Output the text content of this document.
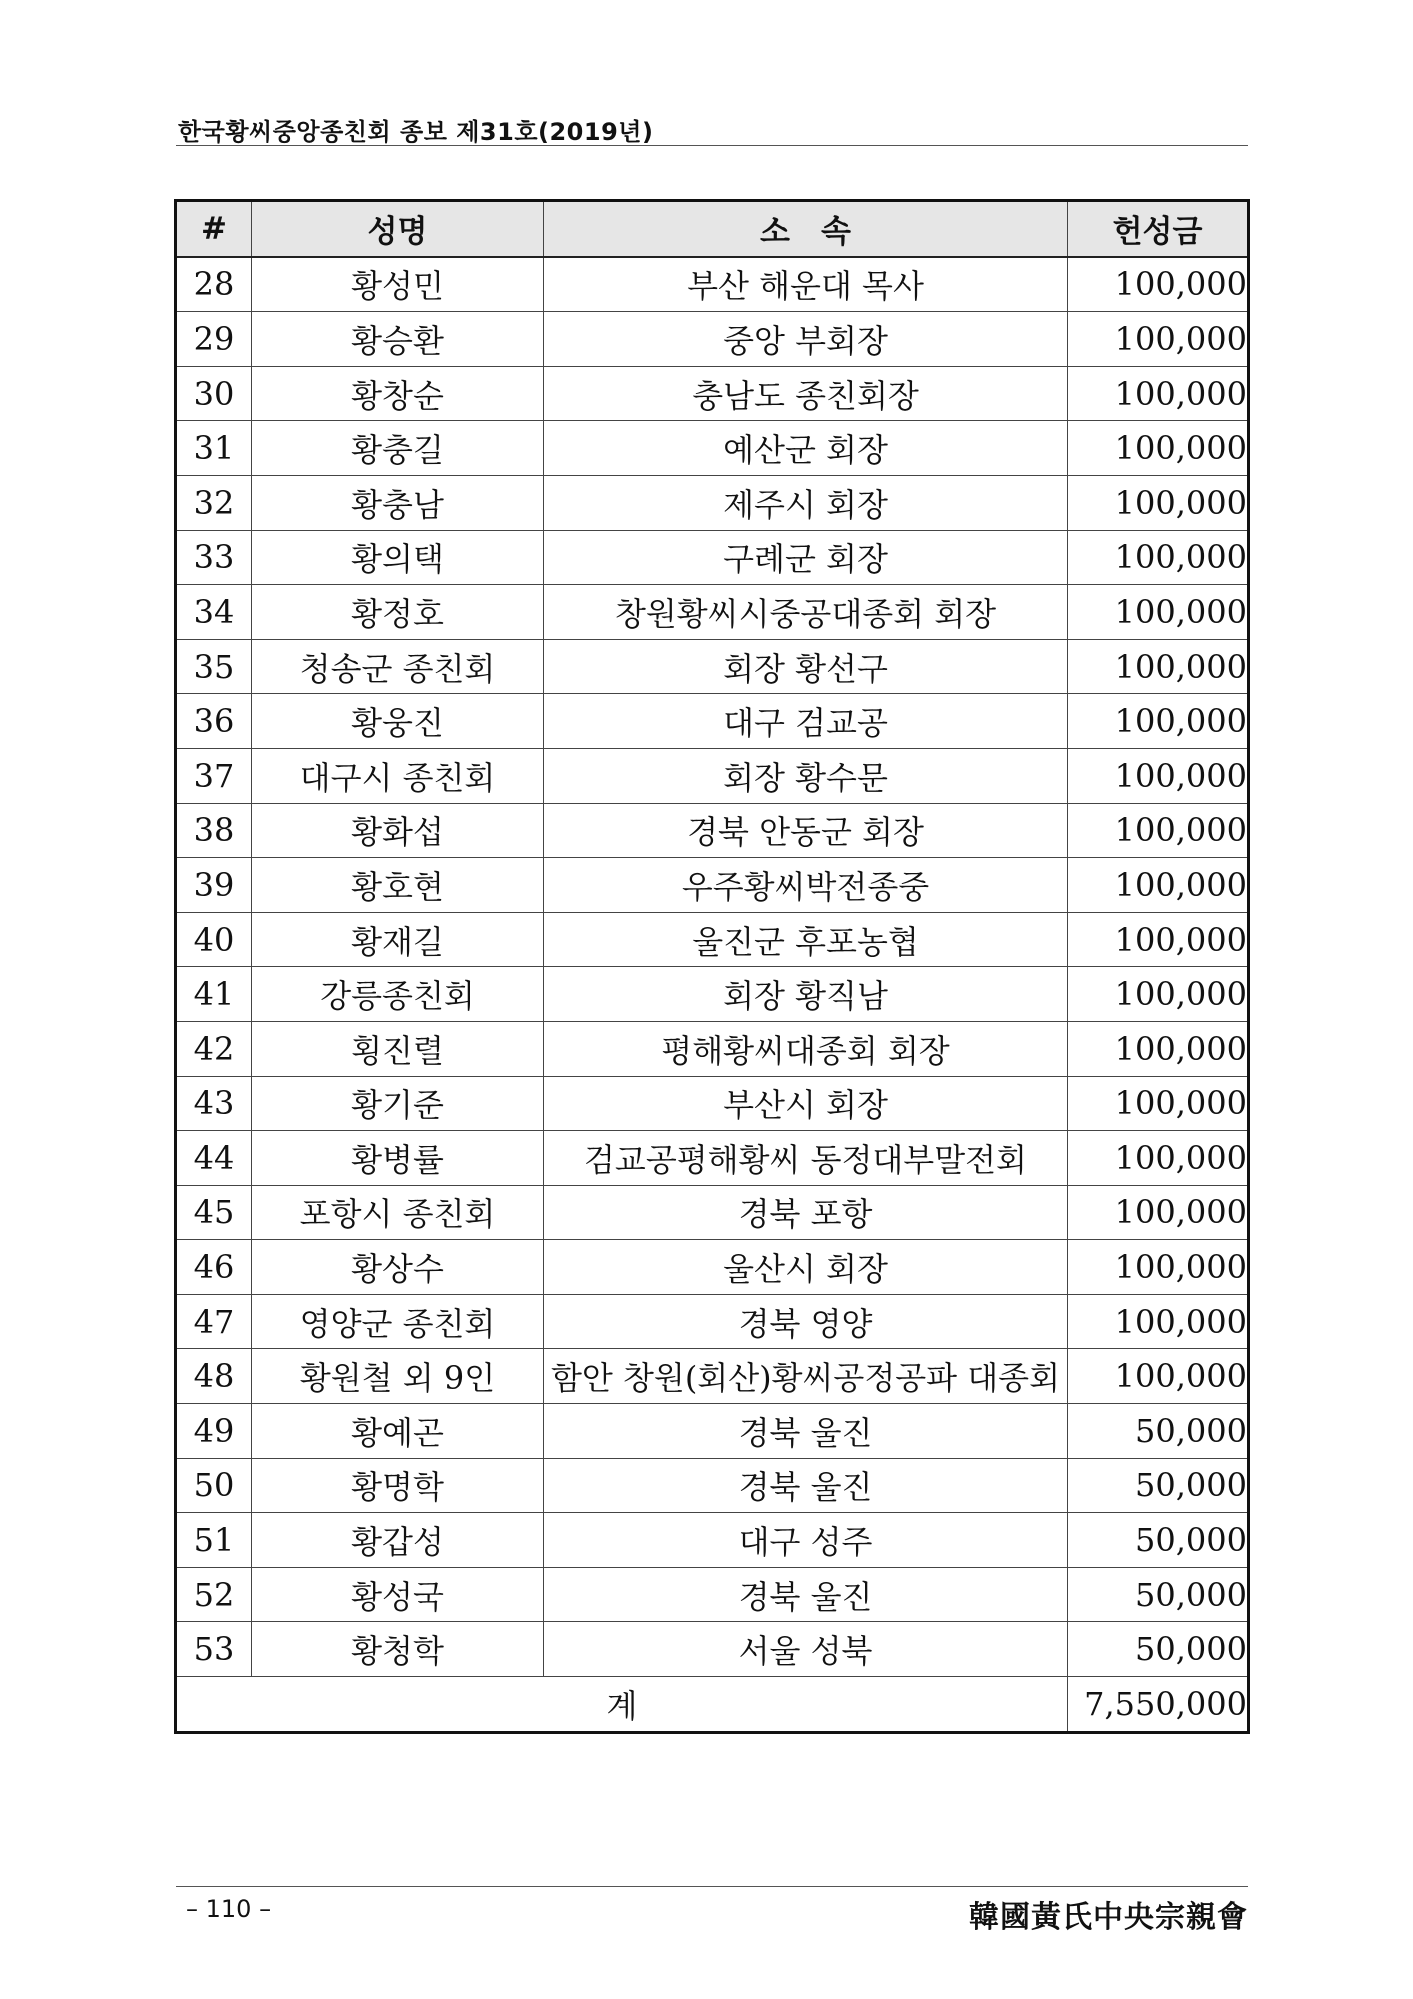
한국황씨중앙종친회 종보 제31호(2019년)
#	성명	소　속	헌성금
28	황성민	부산 해운대 목사	100,000
29	황승환	중앙 부회장	100,000
30	황창순	충남도 종친회장	100,000
31	황충길	예산군 회장	100,000
32	황충남	제주시 회장	100,000
33	황의택	구례군 회장	100,000
34	황정호	창원황씨시중공대종회 회장	100,000
35	청송군 종친회	회장 황선구	100,000
36	황웅진	대구 검교공	100,000
37	대구시 종친회	회장 황수문	100,000
38	황화섭	경북 안동군 회장	100,000
39	황호현	우주황씨박전종중	100,000
40	황재길	울진군 후포농협	100,000
41	강릉종친회	회장 황직남	100,000
42	횡진렬	평해황씨대종회 회장	100,000
43	황기준	부산시 회장	100,000
44	황병률	검교공평해황씨 동정대부말전회	100,000
45	포항시 종친회	경북 포항	100,000
46	황상수	울산시 회장	100,000
47	영양군 종친회	경북 영양	100,000
48	황원철 외 9인	함안 창원(회산)황씨공정공파 대종회	100,000
49	황예곤	경북 울진	50,000
50	황명학	경북 울진	50,000
51	황갑성	대구 성주	50,000
52	황성국	경북 울진	50,000
53	황청학	서울 성북	50,000
계			7,550,000
– 110 –	韓國黃氏中央宗親會
